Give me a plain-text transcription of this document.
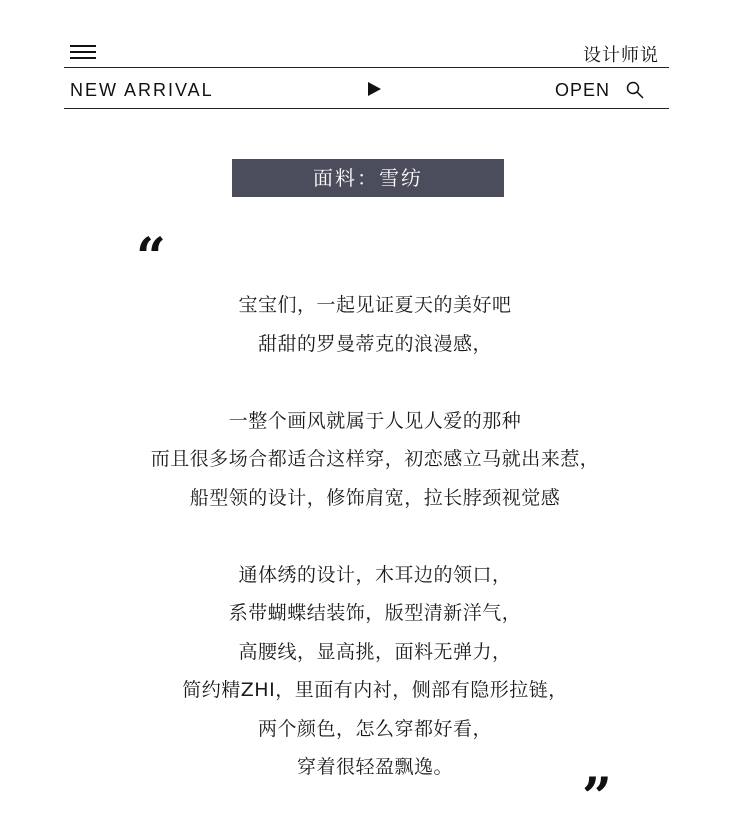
设计师说
NEW ARRIVAL	OPEN
面料：雪纺
“
”
宝宝们，一起见证夏天的美好吧
甜甜的罗曼蒂克的浪漫感，
一整个画风就属于人见人爱的那种
而且很多场合都适合这样穿，初恋感立马就出来惹，
船型领的设计，修饰肩宽，拉长脖颈视觉感
通体绣的设计，木耳边的领口，
系带蝴蝶结装饰，版型清新洋气，
高腰线，显高挑，面料无弹力，
简约精ZHI，里面有内衬，侧部有隐形拉链，
两个颜色，怎么穿都好看，
穿着很轻盈飘逸。
